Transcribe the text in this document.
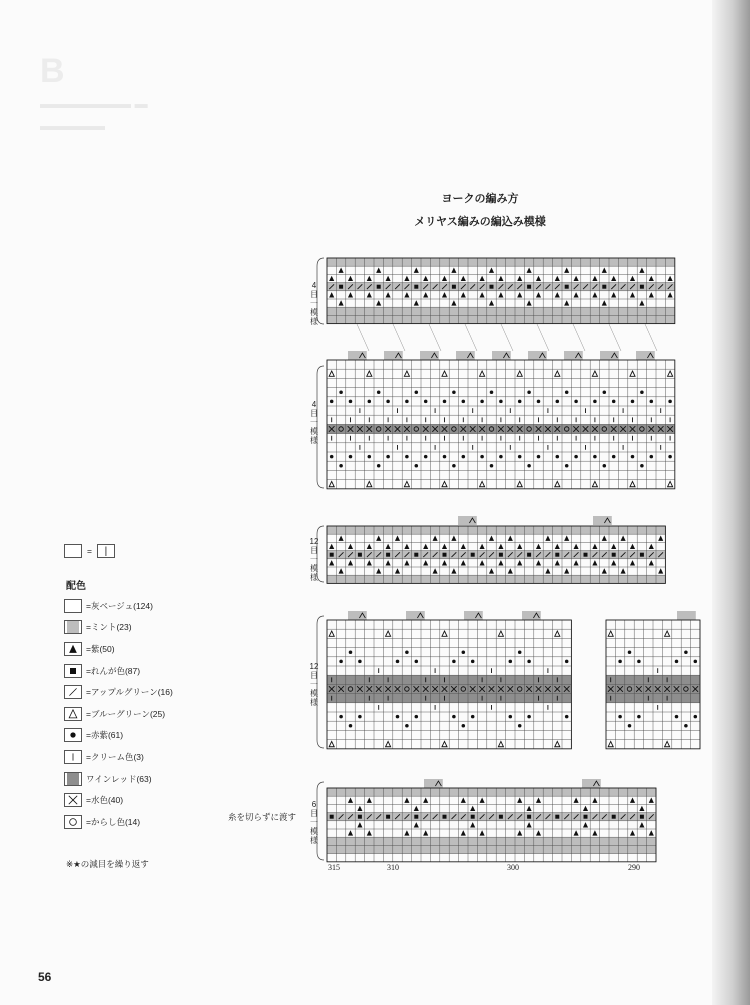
B
▬▬▬▬▬▬▬ ▬
▬▬▬▬▬
ヨークの編み方
メリヤス編みの編込み模様
4目一模様
4目一模様
12目一模様
12目一模様
6目一模様
糸を切らずに渡す
315	310	300	290
=	|
配色
=灰ベージュ(124)
=ミント(23)
=紫(50)
=れんが色(87)
=アップルグリーン(16)
=ブルーグリーン(25)
=赤紫(61)
=クリーム色(3)
ワインレッド(63)
=水色(40)
=からし色(14)
※★の減目を繰り返す
56
